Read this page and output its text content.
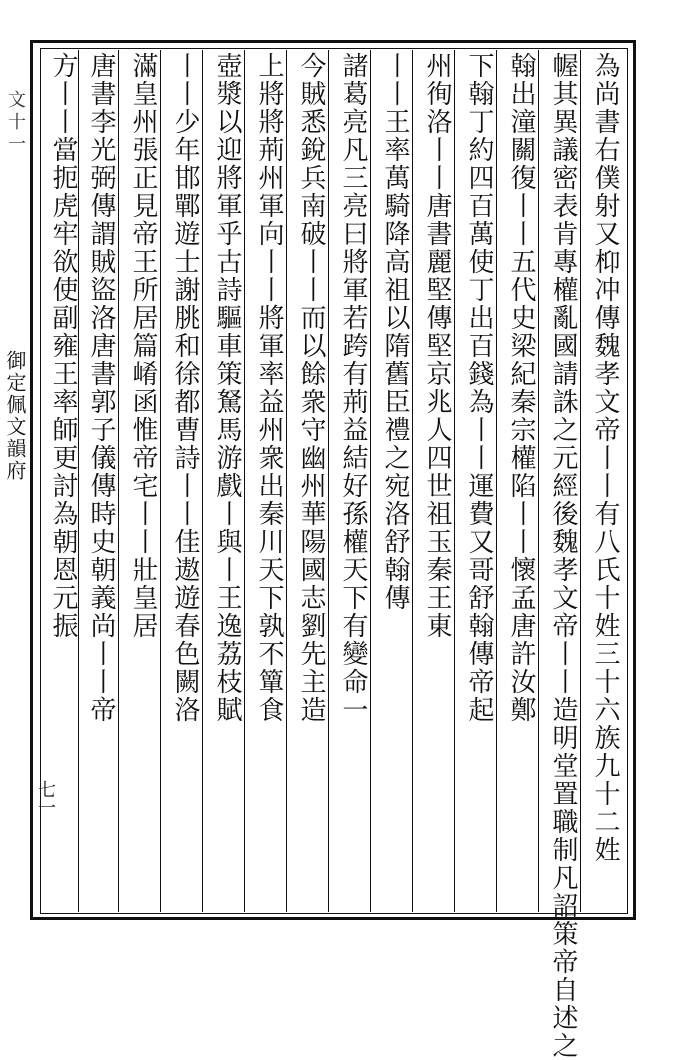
文十一
御定佩文韻府
七一	為尚書右僕射又枊冲傳魏孝文帝丨丨有八氏十姓三十六族九十二姓
幄其異議密表肯專權亂國請誅之元經後魏孝文帝丨丨造明堂置職制凡詔策帝自述之
翰出潼關復丨丨五代史梁紀秦宗權陷丨丨懷孟唐許汝鄭
下翰丁約四百萬使丁出百錢為丨丨運費又哥舒翰傳帝起
州徇洛丨丨唐書麗堅傳堅京兆人四世祖玉秦王東
丨丨王率萬騎降高祖以隋舊臣禮之宛洛舒翰傳
諸葛亮凡三亮曰將軍若跨有荊益結好孫權天下有變命一
今賊悉銳兵南破丨丨而以餘衆守幽州華陽國志劉先主造
上將將荊州軍向丨丨將軍率益州衆出秦川天下孰不簞食
壺漿以迎將軍乎古詩驅車策駑馬游戲丨與丨王逸荔枝賦
丨丨少年邯鄲遊士謝朓和徐都曹詩丨丨佳遨遊春色闕洛
滿皇州張正見帝王所居篇崤函惟帝宅丨丨壯皇居
唐書李光弼傳謂賊盜洛唐書郭子儀傳時史朝義尚丨丨帝
方丨丨當扼虎牢欲使副雍王率師更討為朝恩元振
